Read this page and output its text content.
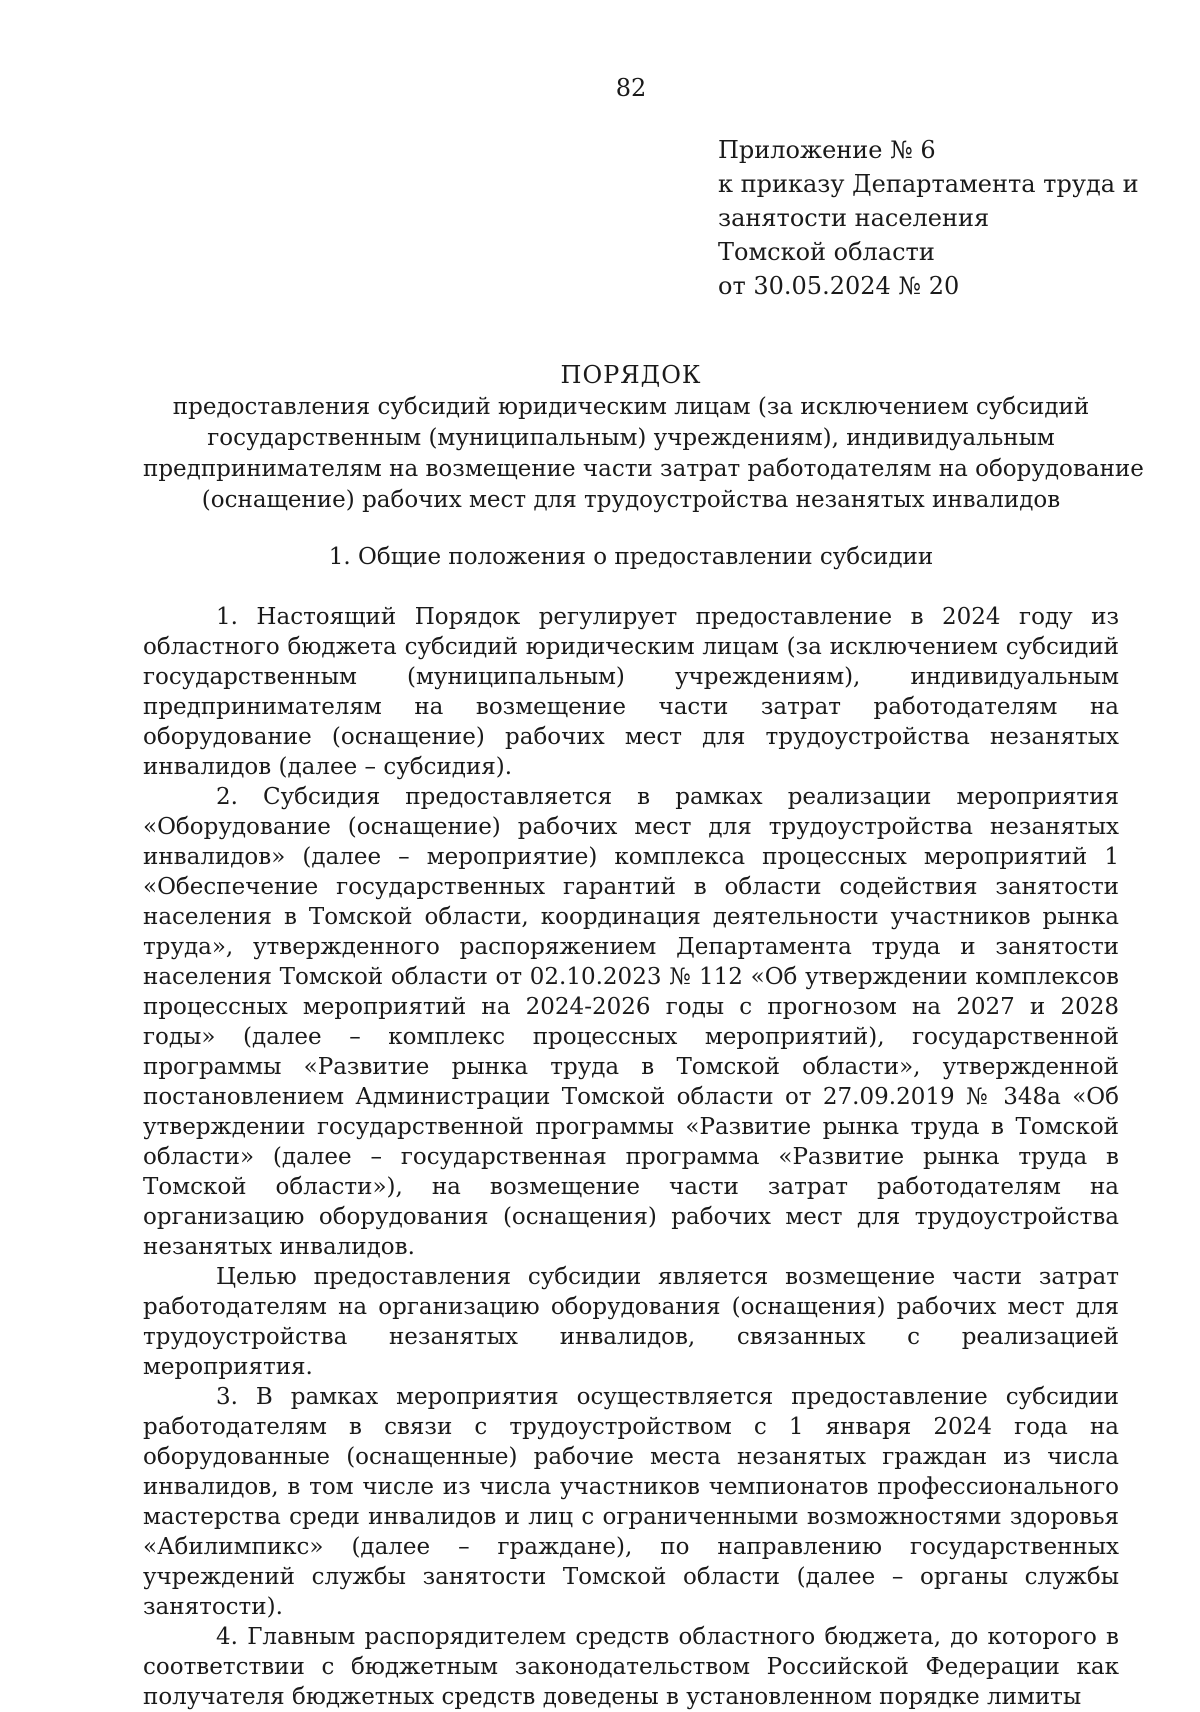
82
Приложение № 6
к приказу Департамента труда и
занятости населения
Томской области
от 30.05.2024 № 20
ПОРЯДОК
предоставления субсидий юридическим лицам (за исключением субсидий
государственным (муниципальным) учреждениям), индивидуальным
предпринимателям на возмещение части затрат работодателям на оборудование
(оснащение) рабочих мест для трудоустройства незанятых инвалидов
1. Общие положения о предоставлении субсидии

1. Настоящий Порядок регулирует предоставление в 2024 году из областного бюджета субсидий юридическим лицам (за исключением субсидий государственным (муниципальным) учреждениям), индивидуальным предпринимателям на возмещение части затрат работодателям на оборудование (оснащение) рабочих мест для трудоустройства незанятых инвалидов (далее – субсидия).

2. Субсидия предоставляется в рамках реализации мероприятия «Оборудование (оснащение) рабочих мест для трудоустройства незанятых инвалидов» (далее – мероприятие) комплекса процессных мероприятий 1 «Обеспечение государственных гарантий в области содействия занятости населения в Томской области, координация деятельности участников рынка труда», утвержденного распоряжением Департамента труда и занятости населения Томской области от 02.10.2023 № 112 «Об утверждении комплексов процессных мероприятий на 2024-2026 годы с прогнозом на 2027 и 2028 годы» (далее – комплекс процессных мероприятий), государственной программы «Развитие рынка труда в Томской области», утвержденной постановлением Администрации Томской области от 27.09.2019 № 348а «Об утверждении государственной программы «Развитие рынка труда в Томской области» (далее – государственная программа «Развитие рынка труда в Томской области»), на возмещение части затрат работодателям на организацию оборудования (оснащения) рабочих мест для трудоустройства незанятых инвалидов.

Целью предоставления субсидии является возмещение части затрат работодателям на организацию оборудования (оснащения) рабочих мест для трудоустройства незанятых инвалидов, связанных с реализацией мероприятия.

3. В рамках мероприятия осуществляется предоставление субсидии работодателям в связи с трудоустройством с 1 января 2024 года на оборудованные (оснащенные) рабочие места незанятых граждан из числа инвалидов, в том числе из числа участников чемпионатов профессионального мастерства среди инвалидов и лиц с ограниченными возможностями здоровья «Абилимпикс» (далее – граждане), по направлению государственных учреждений службы занятости Томской области (далее – органы службы занятости).

4. Главным распорядителем средств областного бюджета, до которого в соответствии с бюджетным законодательством Российской Федерации как получателя бюджетных средств доведены в установленном порядке лимиты
